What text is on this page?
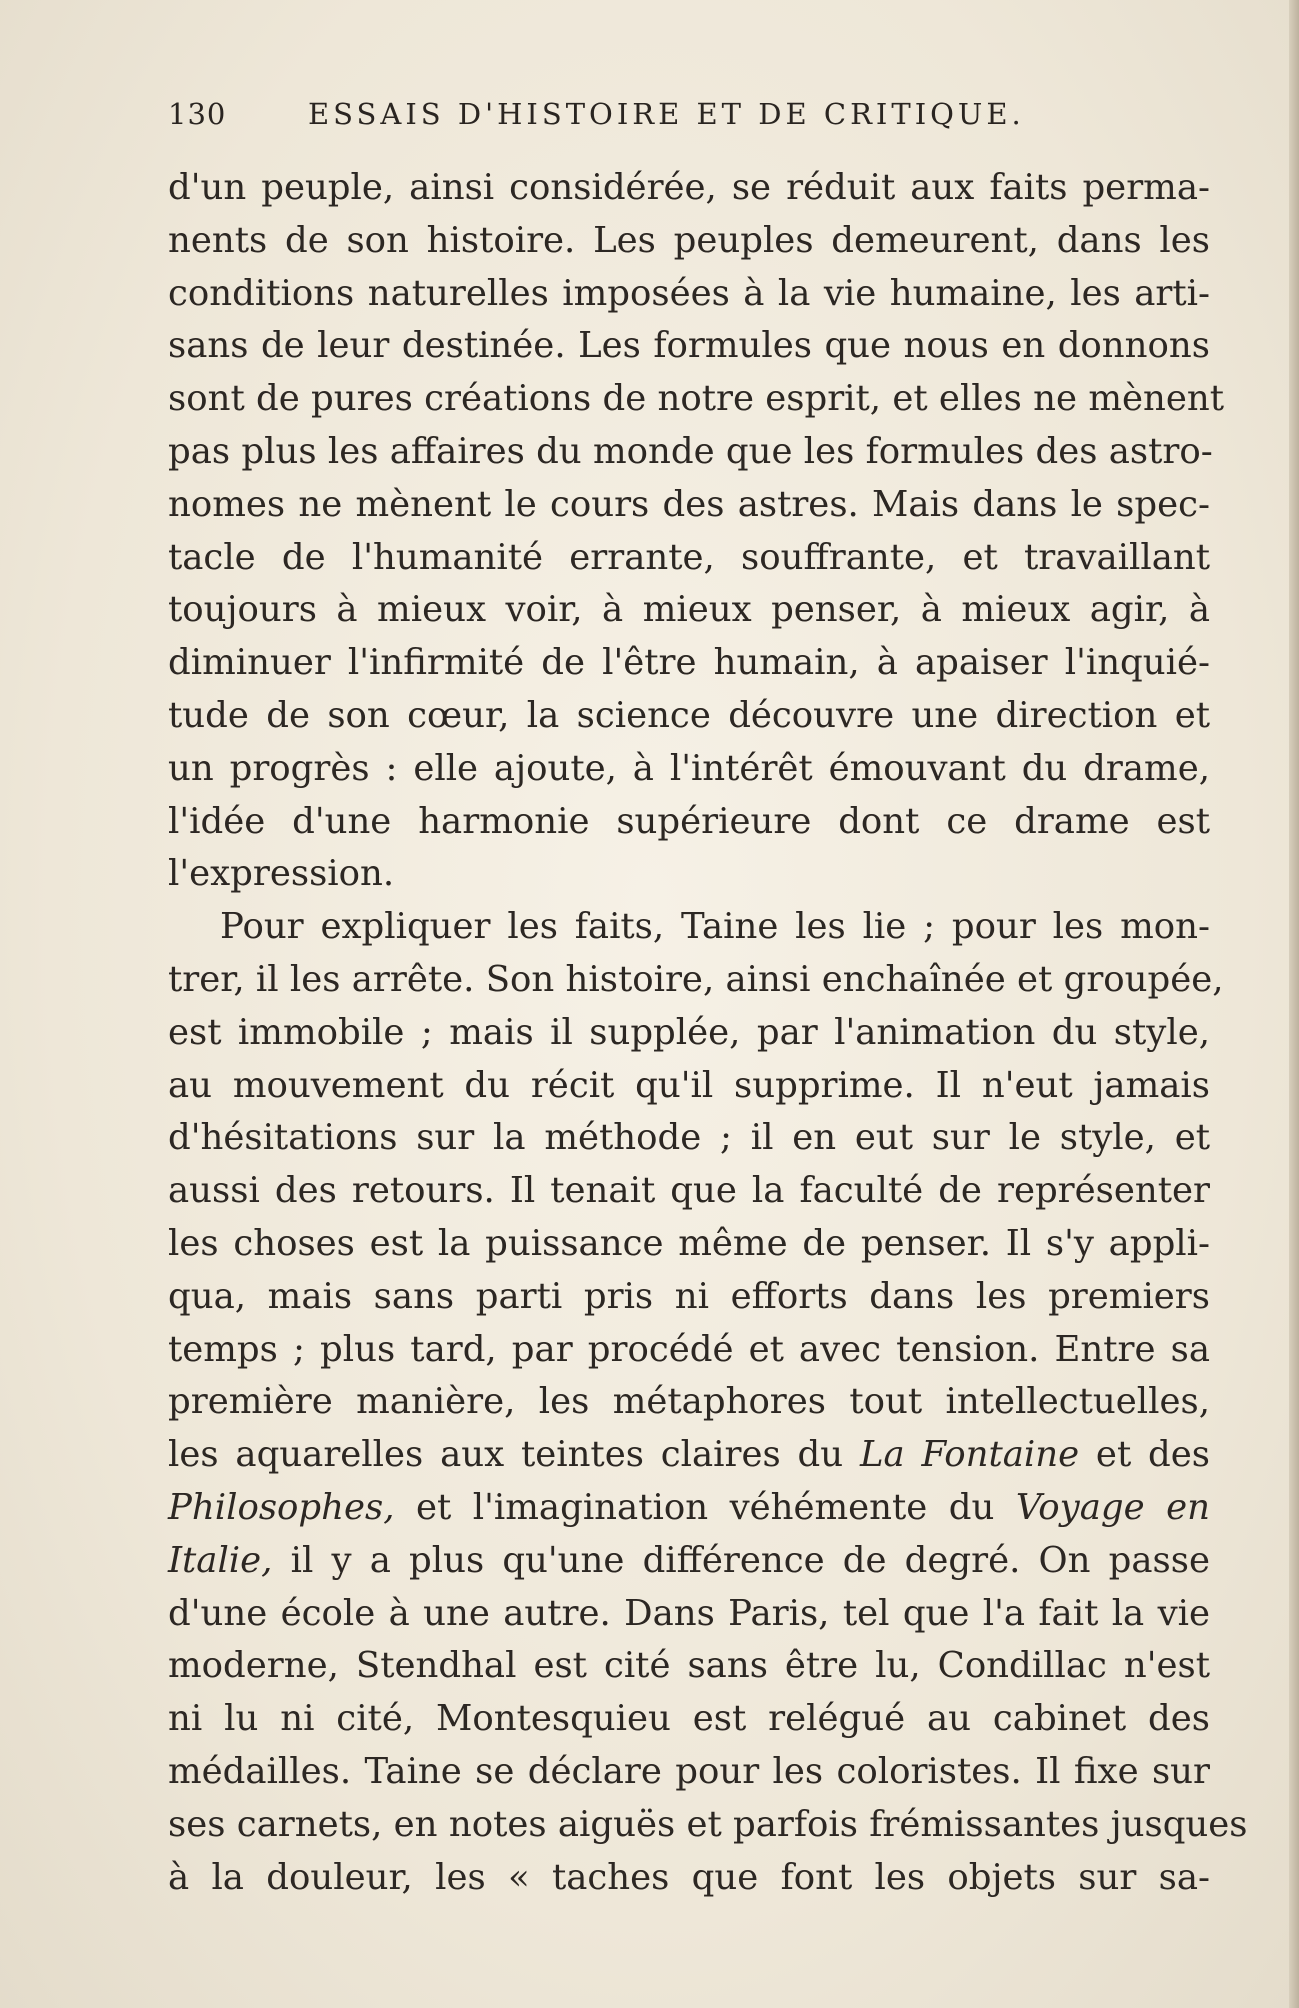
130	ESSAIS D'HISTOIRE ET DE CRITIQUE.
d'un peuple, ainsi considérée, se réduit aux faits perma-
nents de son histoire. Les peuples demeurent, dans les
conditions naturelles imposées à la vie humaine, les arti-
sans de leur destinée. Les formules que nous en donnons
sont de pures créations de notre esprit, et elles ne mènent
pas plus les affaires du monde que les formules des astro-
nomes ne mènent le cours des astres. Mais dans le spec-
tacle de l'humanité errante, souffrante, et travaillant
toujours à mieux voir, à mieux penser, à mieux agir, à
diminuer l'infirmité de l'être humain, à apaiser l'inquié-
tude de son cœur, la science découvre une direction et
un progrès : elle ajoute, à l'intérêt émouvant du drame,
l'idée d'une harmonie supérieure dont ce drame est
l'expression.
Pour expliquer les faits, Taine les lie ; pour les mon-
trer, il les arrête. Son histoire, ainsi enchaînée et groupée,
est immobile ; mais il supplée, par l'animation du style,
au mouvement du récit qu'il supprime. Il n'eut jamais
d'hésitations sur la méthode ; il en eut sur le style, et
aussi des retours. Il tenait que la faculté de représenter
les choses est la puissance même de penser. Il s'y appli-
qua, mais sans parti pris ni efforts dans les premiers
temps ; plus tard, par procédé et avec tension. Entre sa
première manière, les métaphores tout intellectuelles,
les aquarelles aux teintes claires du La Fontaine et des
Philosophes, et l'imagination véhémente du Voyage en
Italie, il y a plus qu'une différence de degré. On passe
d'une école à une autre. Dans Paris, tel que l'a fait la vie
moderne, Stendhal est cité sans être lu, Condillac n'est
ni lu ni cité, Montesquieu est relégué au cabinet des
médailles. Taine se déclare pour les coloristes. Il fixe sur
ses carnets, en notes aiguës et parfois frémissantes jusques
à la douleur, les « taches que font les objets sur sa-
